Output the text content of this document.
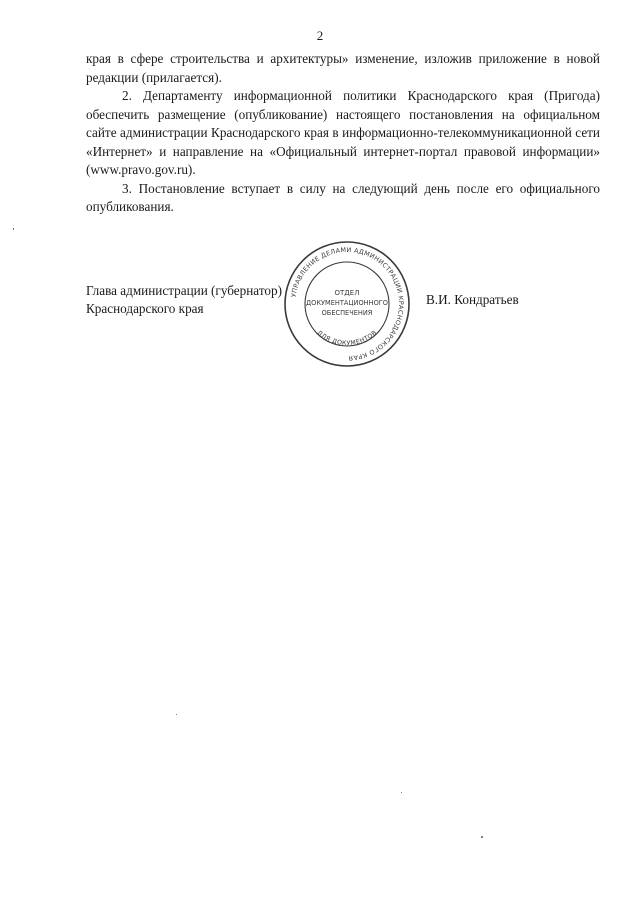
2

края в сфере строительства и архитектуры» изменение, изложив приложение в новой редакции (прилагается).

2. Департаменту информационной политики Краснодарского края (Пригода) обеспечить размещение (опубликование) настоящего постановления на официальном сайте администрации Краснодарского края в информационно-телекоммуникационной сети «Интернет» и направление на «Официальный интернет-портал правовой информации» (www.pravo.gov.ru).

3. Постановление вступает в силу на следующий день после его официального опубликования.

Глава администрации (губернатор)
Краснодарского края
В.И. Кондратьев
УПРАВЛЕНИЕ ДЕЛАМИ АДМИНИСТРАЦИИ КРАСНОДАРСКОГО КРАЯ
ДЛЯ ДОКУМЕНТОВ
ОТДЕЛ
ДОКУМЕНТАЦИОННОГО
ОБЕСПЕЧЕНИЯ
